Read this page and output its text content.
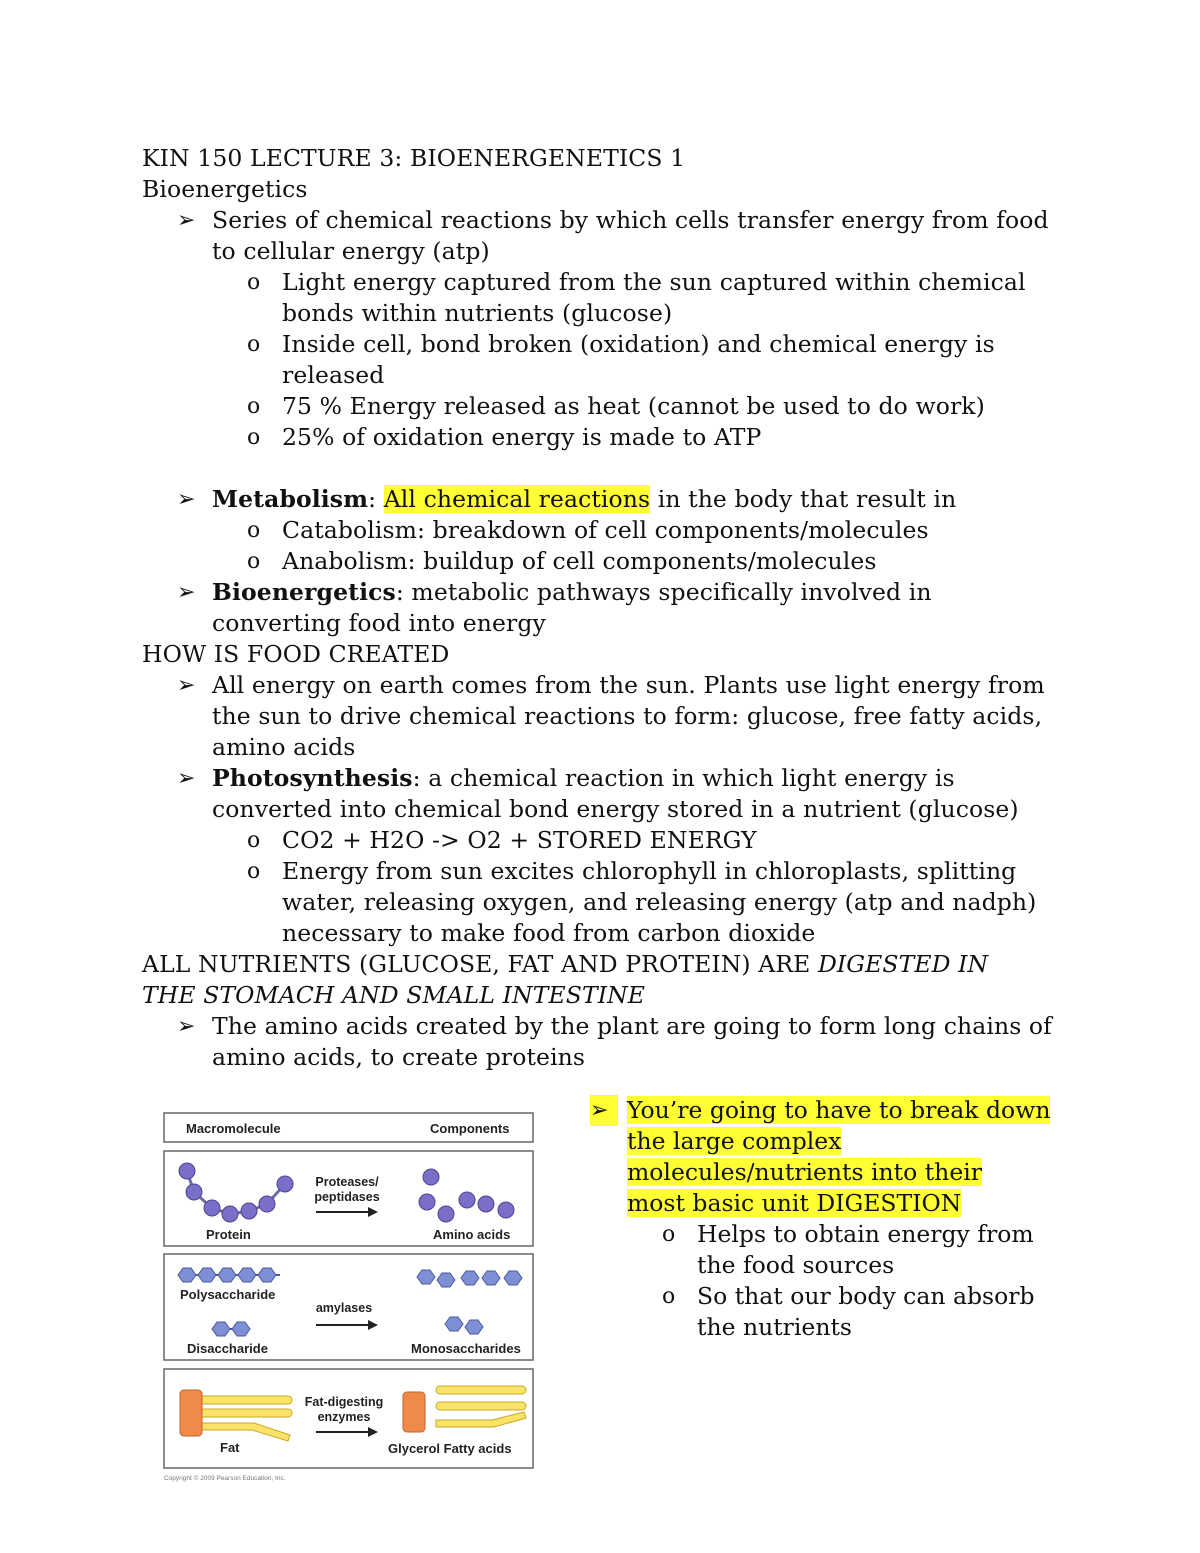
KIN 150 LECTURE 3: BIOENERGENETICS 1
Bioenergetics
➢ Series of chemical reactions by which cells transfer energy from food
to cellular energy (atp)
o Light energy captured from the sun captured within chemical
bonds within nutrients (glucose)
o Inside cell, bond broken (oxidation) and chemical energy is
released
o 75 % Energy released as heat (cannot be used to do work)
o 25% of oxidation energy is made to ATP
➢ Metabolism: All chemical reactions in the body that result in
o Catabolism: breakdown of cell components/molecules
o Anabolism: buildup of cell components/molecules
➢ Bioenergetics: metabolic pathways specifically involved in
converting food into energy
HOW IS FOOD CREATED
➢ All energy on earth comes from the sun. Plants use light energy from
the sun to drive chemical reactions to form: glucose, free fatty acids,
amino acids
➢ Photosynthesis: a chemical reaction in which light energy is
converted into chemical bond energy stored in a nutrient (glucose)
o CO2 + H2O -> O2 + STORED ENERGY
o Energy from sun excites chlorophyll in chloroplasts, splitting
water, releasing oxygen, and releasing energy (atp and nadph)
necessary to make food from carbon dioxide
ALL NUTRIENTS (GLUCOSE, FAT AND PROTEIN) ARE DIGESTED IN
THE STOMACH AND SMALL INTESTINE
➢ The amino acids created by the plant are going to form long chains of
amino acids, to create proteins
➢ You’re going to have to break down
the large complex
molecules/nutrients into their
most basic unit DIGESTION
o Helps to obtain energy from
the food sources
o So that our body can absorb
the nutrients
Macromolecule	Components
Protein
Proteases/
peptidases
Amino acids
Polysaccharide
Disaccharide
amylases
Monosaccharides
Fat
Fat-digesting
enzymes
Glycerol Fatty acids
Copyright © 2009 Pearson Education, Inc.
